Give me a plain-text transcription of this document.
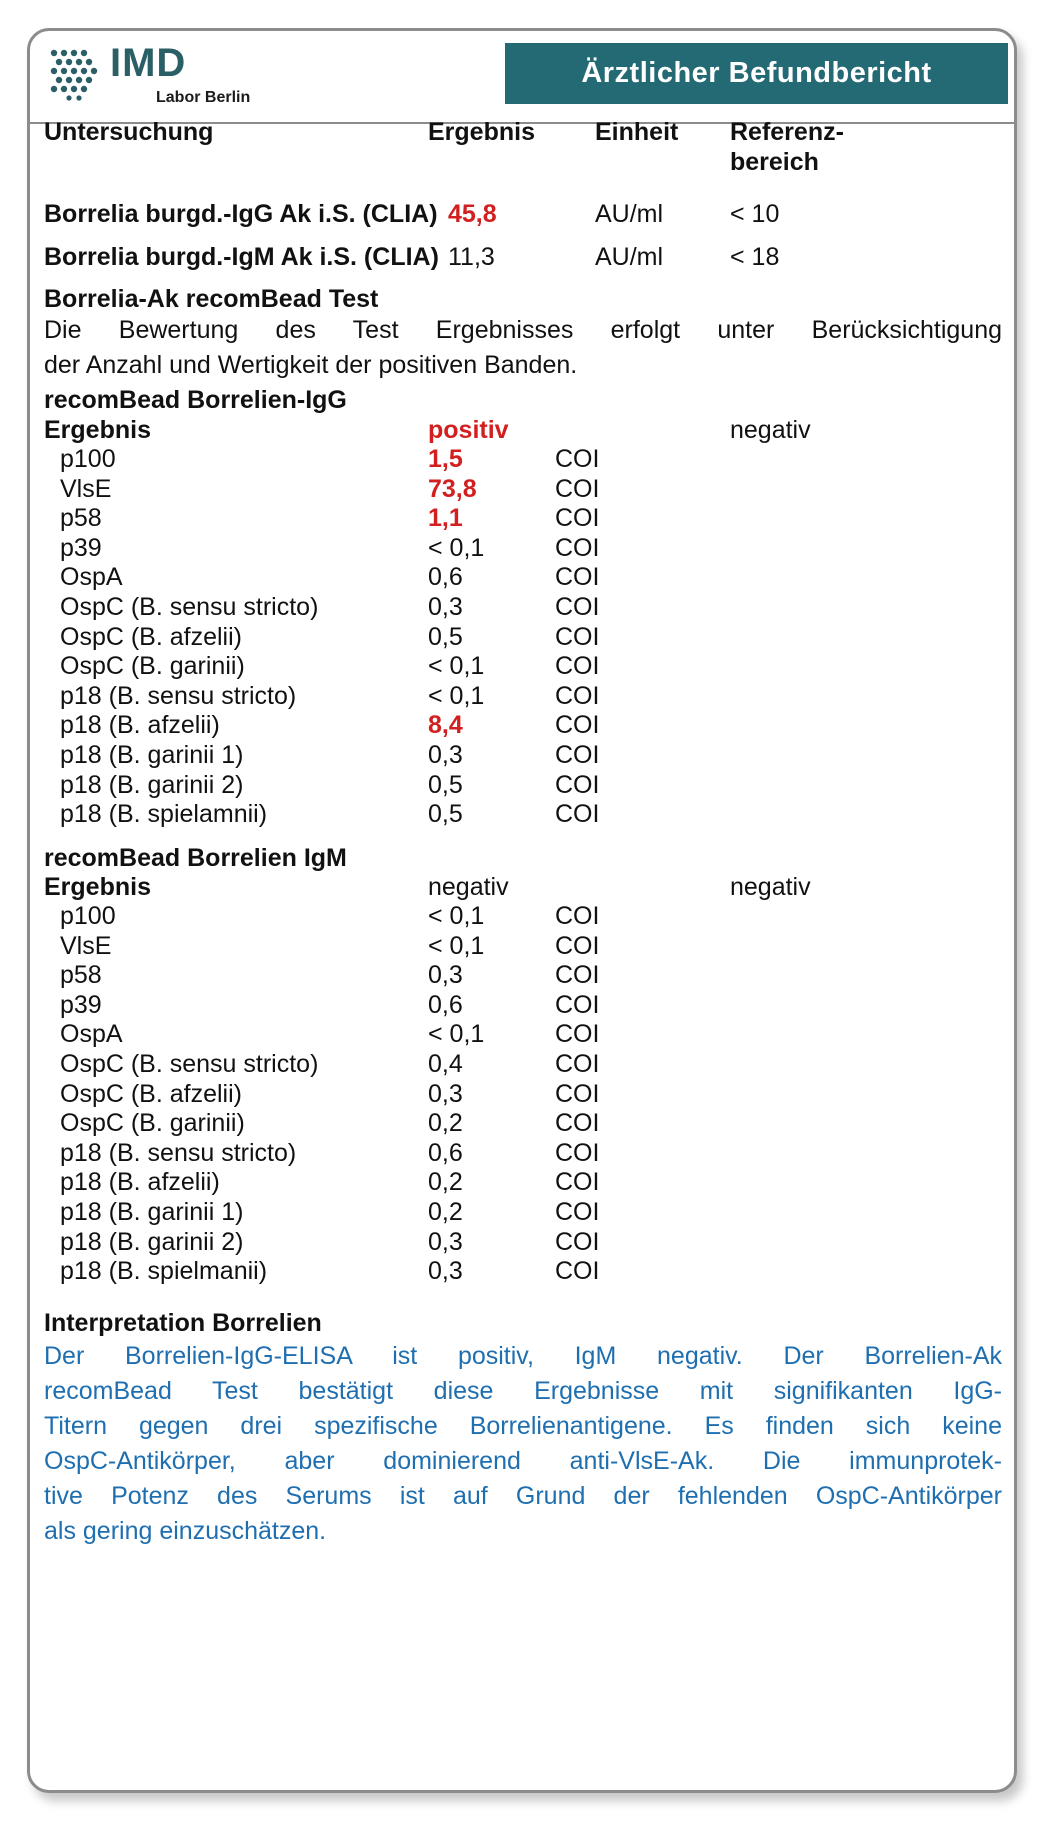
IMD
Labor Berlin
Ärztlicher Befundbericht
Untersuchung	Ergebnis Einheit Referenz-
bereich
Borrelia burgd.-IgG Ak i.S. (CLIA) 45,8	AU/ml	< 10
Borrelia burgd.-IgM Ak i.S. (CLIA) 11,3	AU/ml	< 18
Borrelia-Ak recomBead Test
Die Bewertung des Test Ergebnisses erfolgt unter Berücksichtigung
der Anzahl und Wertigkeit der positiven Banden.
recomBead Borrelien-IgG
Ergebnis	positiv	negativ
p100	1,5	COI
VlsE	73,8	COI
p58	1,1	COI
p39	< 0,1	COI
OspA	0,6	COI
OspC (B. sensu stricto)	0,3	COI
OspC (B. afzelii)	0,5	COI
OspC (B. garinii)	< 0,1	COI
p18 (B. sensu stricto)	< 0,1	COI
p18 (B. afzelii)	8,4	COI
p18 (B. garinii 1)	0,3	COI
p18 (B. garinii 2)	0,5	COI
p18 (B. spielamnii)	0,5	COI
recomBead Borrelien IgM
Ergebnis	negativ	negativ
p100	< 0,1	COI
VlsE	< 0,1	COI
p58	0,3	COI
p39	0,6	COI
OspA	< 0,1	COI
OspC (B. sensu stricto)	0,4	COI
OspC (B. afzelii)	0,3	COI
OspC (B. garinii)	0,2	COI
p18 (B. sensu stricto)	0,6	COI
p18 (B. afzelii)	0,2	COI
p18 (B. garinii 1)	0,2	COI
p18 (B. garinii 2)	0,3	COI
p18 (B. spielmanii)	0,3	COI
Interpretation Borrelien
Der Borrelien-IgG-ELISA ist positiv, IgM negativ. Der Borrelien-Ak
recomBead Test bestätigt diese Ergebnisse mit signifikanten IgG-
Titern gegen drei spezifische Borrelienantigene. Es finden sich keine
OspC-Antikörper, aber dominierend anti-VlsE-Ak. Die immunprotek-
tive Potenz des Serums ist auf Grund der fehlenden OspC-Antikörper
als gering einzuschätzen.
